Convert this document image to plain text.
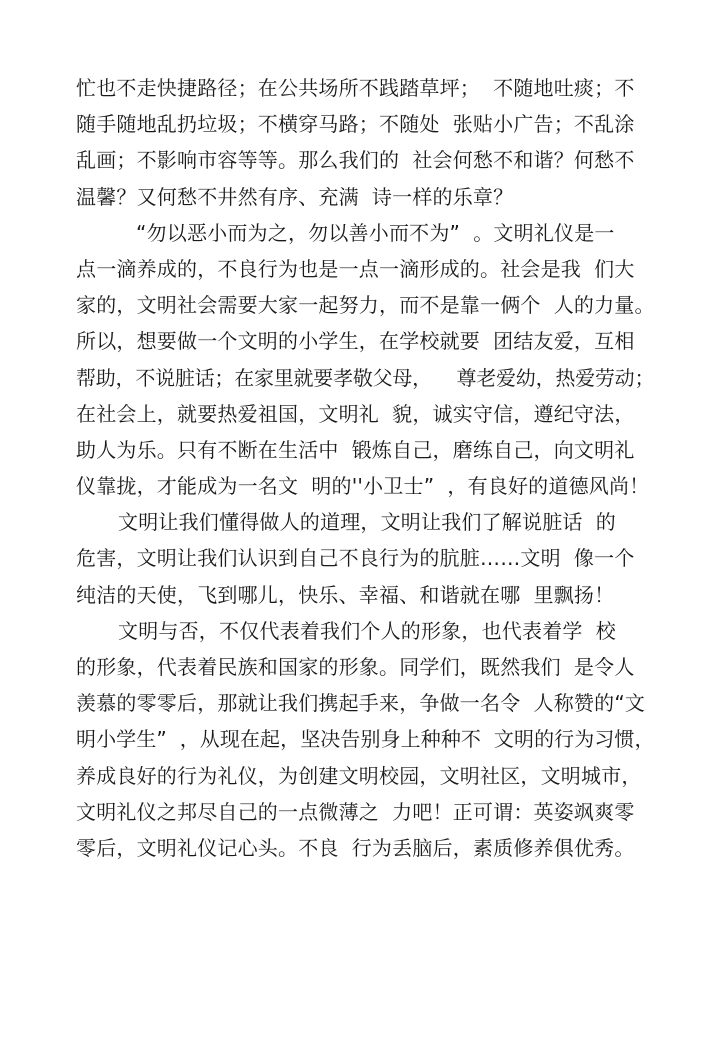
忙也不走快捷路径；在公共场所不践踏草坪；  不随地吐痰；不
随手随地乱扔垃圾；不横穿马路；不随处  张贴小广告；不乱涂
乱画；不影响市容等等。那么我们的  社会何愁不和谐？何愁不
温馨？又何愁不井然有序、充满  诗一样的乐章？
“勿以恶小而为之，勿以善小而不为”  。文明礼仪是一
点一滴养成的，不良行为也是一点一滴形成的。社会是我  们大
家的，文明社会需要大家一起努力，而不是靠一俩个  人的力量。
所以，想要做一个文明的小学生，在学校就要  团结友爱，互相
帮助，不说脏话；在家里就要孝敬父母，    尊老爱幼，热爱劳动；
在社会上，就要热爱祖国，文明礼  貌，诚实守信，遵纪守法，
助人为乐。只有不断在生活中  锻炼自己，磨练自己，向文明礼
仪靠拢，才能成为一名文  明的''小卫士”  ，有良好的道德风尚！
文明让我们懂得做人的道理，文明让我们了解说脏话  的
危害，文明让我们认识到自己不良行为的肮脏……文明  像一个
纯洁的天使，飞到哪儿，快乐、幸福、和谐就在哪  里飘扬！
文明与否，不仅代表着我们个人的形象，也代表着学  校
的形象，代表着民族和国家的形象。同学们，既然我们  是令人
羡慕的零零后，那就让我们携起手来，争做一名令  人称赞的“文
明小学生”  ，从现在起，坚决告别身上种种不  文明的行为习惯，
养成良好的行为礼仪，为创建文明校园，文明社区，文明城市，
文明礼仪之邦尽自己的一点微薄之  力吧！正可谓：英姿飒爽零
零后，文明礼仪记心头。不良  行为丢脑后，素质修养俱优秀。
